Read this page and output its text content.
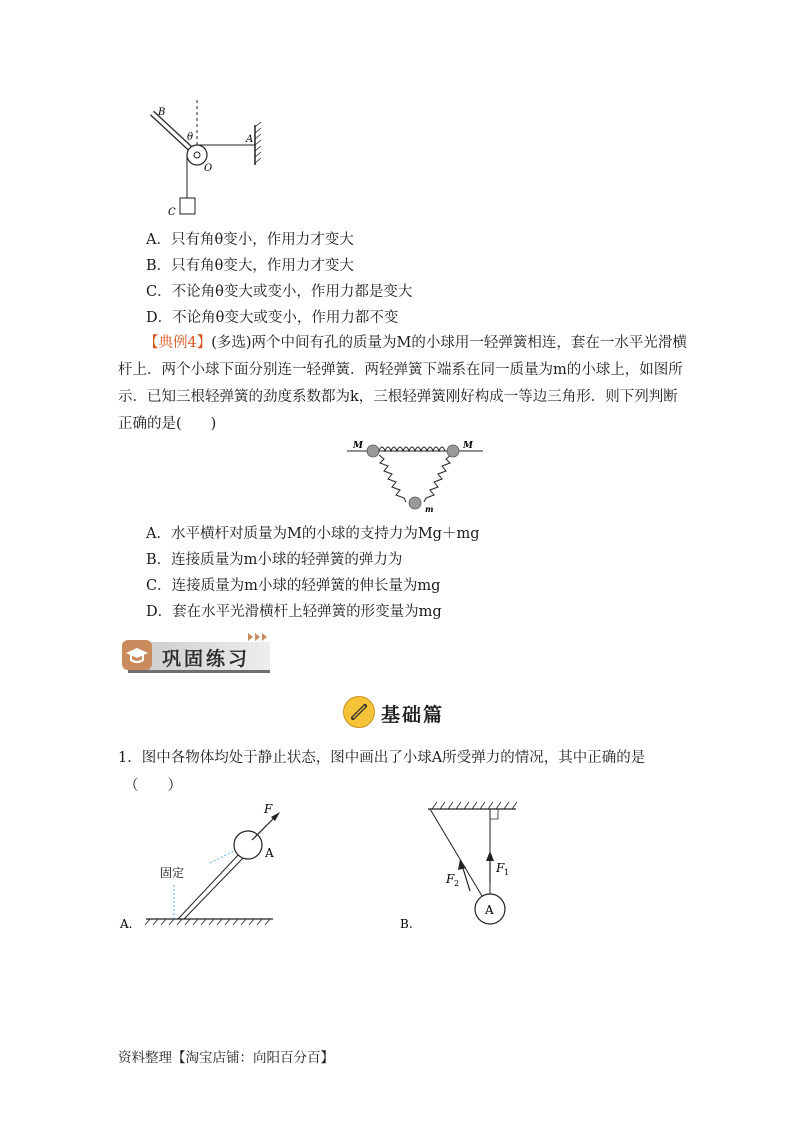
B
θ	A
O
C
A．只有角θ变小，作用力才变大
B．只有角θ变大，作用力才变大
C．不论角θ变大或变小，作用力都是变大
D．不论角θ变大或变小，作用力都不变
【典例4】(多选)两个中间有孔的质量为M的小球用一轻弹簧相连，套在一水平光滑横杆上．两个小球下面分别连一轻弹簧．两轻弹簧下端系在同一质量为m的小球上，如图所示．已知三根轻弹簧的劲度系数都为k，三根轻弹簧刚好构成一等边三角形．则下列判断正确的是(　　)
M	M
m
A．水平横杆对质量为M的小球的支持力为Mg＋mg
B．连接质量为m小球的轻弹簧的弹力为
C．连接质量为m小球的轻弹簧的伸长量为mg
D．套在水平光滑横杆上轻弹簧的形变量为mg
巩固练习
基础篇
1．图中各物体均处于静止状态，图中画出了小球A所受弹力的情况，其中正确的是
（　　）
F
A
固定
A.
A
F 1
F 2
B.
资料整理【淘宝店铺：向阳百分百】
